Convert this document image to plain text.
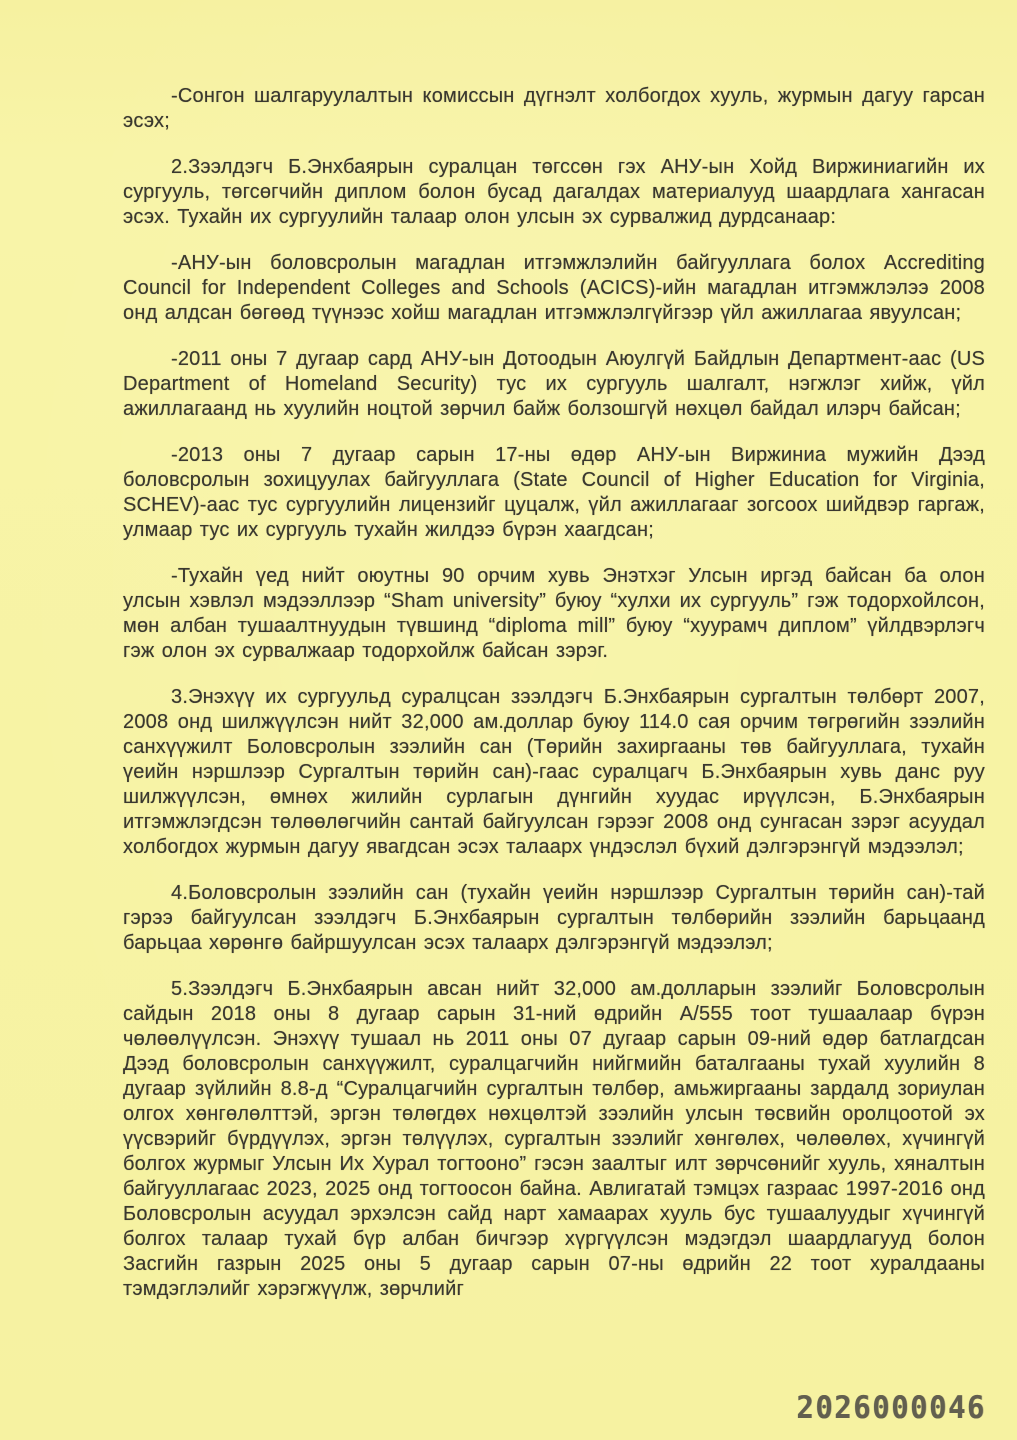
-Сонгон шалгаруулалтын комиссын дүгнэлт холбогдох хууль, журмын дагуу гарсан эсэх;

2.Зээлдэгч Б.Энхбаярын суралцан төгссөн гэх АНУ-ын Хойд Виржиниагийн их сургууль, төгсөгчийн диплом болон бусад дагалдах материалууд шаардлага хангасан эсэх. Тухайн их сургуулийн талаар олон улсын эх сурвалжид дурдсанаар:

-АНУ-ын боловсролын магадлан итгэмжлэлийн байгууллага болох Accrediting Council for Independent Colleges and Schools (ACICS)-ийн магадлан итгэмжлэлээ 2008 онд алдсан бөгөөд түүнээс хойш магадлан итгэмжлэлгүйгээр үйл ажиллагаа явуулсан;

-2011 оны 7 дугаар сард АНУ-ын Дотоодын Аюулгүй Байдлын Департмент-аас (US Department of Homeland Security) тус их сургууль шалгалт, нэгжлэг хийж, үйл ажиллагаанд нь хуулийн ноцтой зөрчил байж болзошгүй нөхцөл байдал илэрч байсан;

-2013 оны 7 дугаар сарын 17-ны өдөр АНУ-ын Виржиниа мужийн Дээд боловсролын зохицуулах байгууллага (State Council of Higher Education for Virginia, SCHEV)-аас тус сургуулийн лицензийг цуцалж, үйл ажиллагааг зогсоох шийдвэр гаргаж, улмаар тус их сургууль тухайн жилдээ бүрэн хаагдсан;

-Тухайн үед нийт оюутны 90 орчим хувь Энэтхэг Улсын иргэд байсан ба олон улсын хэвлэл мэдээллээр “Sham university” буюу “хулхи их сургууль” гэж тодорхойлсон, мөн албан тушаалтнуудын түвшинд “diploma mill” буюу “хуурамч диплом” үйлдвэрлэгч гэж олон эх сурвалжаар тодорхойлж байсан зэрэг.

3.Энэхүү их сургуульд суралцсан зээлдэгч Б.Энхбаярын сургалтын төлбөрт 2007, 2008 онд шилжүүлсэн нийт 32,000 ам.доллар буюу 114.0 сая орчим төгрөгийн зээлийн санхүүжилт Боловсролын зээлийн сан (Төрийн захиргааны төв байгууллага, тухайн үеийн нэршлээр Сургалтын төрийн сан)-гаас суралцагч Б.Энхбаярын хувь данс руу шилжүүлсэн, өмнөх жилийн сурлагын дүнгийн хуудас ирүүлсэн, Б.Энхбаярын итгэмжлэгдсэн төлөөлөгчийн сантай байгуулсан гэрээг 2008 онд сунгасан зэрэг асуудал холбогдох журмын дагуу явагдсан эсэх талаарх үндэслэл бүхий дэлгэрэнгүй мэдээлэл;

4.Боловсролын зээлийн сан (тухайн үеийн нэршлээр Сургалтын төрийн сан)-тай гэрээ байгуулсан зээлдэгч Б.Энхбаярын сургалтын төлбөрийн зээлийн барьцаанд барьцаа хөрөнгө байршуулсан эсэх талаарх дэлгэрэнгүй мэдээлэл;

5.Зээлдэгч Б.Энхбаярын авсан нийт 32,000 ам.долларын зээлийг Боловсролын сайдын 2018 оны 8 дугаар сарын 31-ний өдрийн А/555 тоот тушаалаар бүрэн чөлөөлүүлсэн. Энэхүү тушаал нь 2011 оны 07 дугаар сарын 09-ний өдөр батлагдсан Дээд боловсролын санхүүжилт, суралцагчийн нийгмийн баталгааны тухай хуулийн 8 дугаар зүйлийн 8.8-д “Суралцагчийн сургалтын төлбөр, амьжиргааны зардалд зориулан олгох хөнгөлөлттэй, эргэн төлөгдөх нөхцөлтэй зээлийн улсын төсвийн оролцоотой эх үүсвэрийг бүрдүүлэх, эргэн төлүүлэх, сургалтын зээлийг хөнгөлөх, чөлөөлөх, хүчингүй болгох журмыг Улсын Их Хурал тогтооно” гэсэн заалтыг илт зөрчсөнийг хууль, хяналтын байгууллагаас 2023, 2025 онд тогтоосон байна. Авлигатай тэмцэх газраас 1997-2016 онд Боловсролын асуудал эрхэлсэн сайд нарт хамаарах хууль бус тушаалуудыг хүчингүй болгох талаар тухай бүр албан бичгээр хүргүүлсэн мэдэгдэл шаардлагууд болон Засгийн газрын 2025 оны 5 дугаар сарын 07-ны өдрийн 22 тоот хуралдааны тэмдэглэлийг хэрэгжүүлж, зөрчлийг

2026000046
